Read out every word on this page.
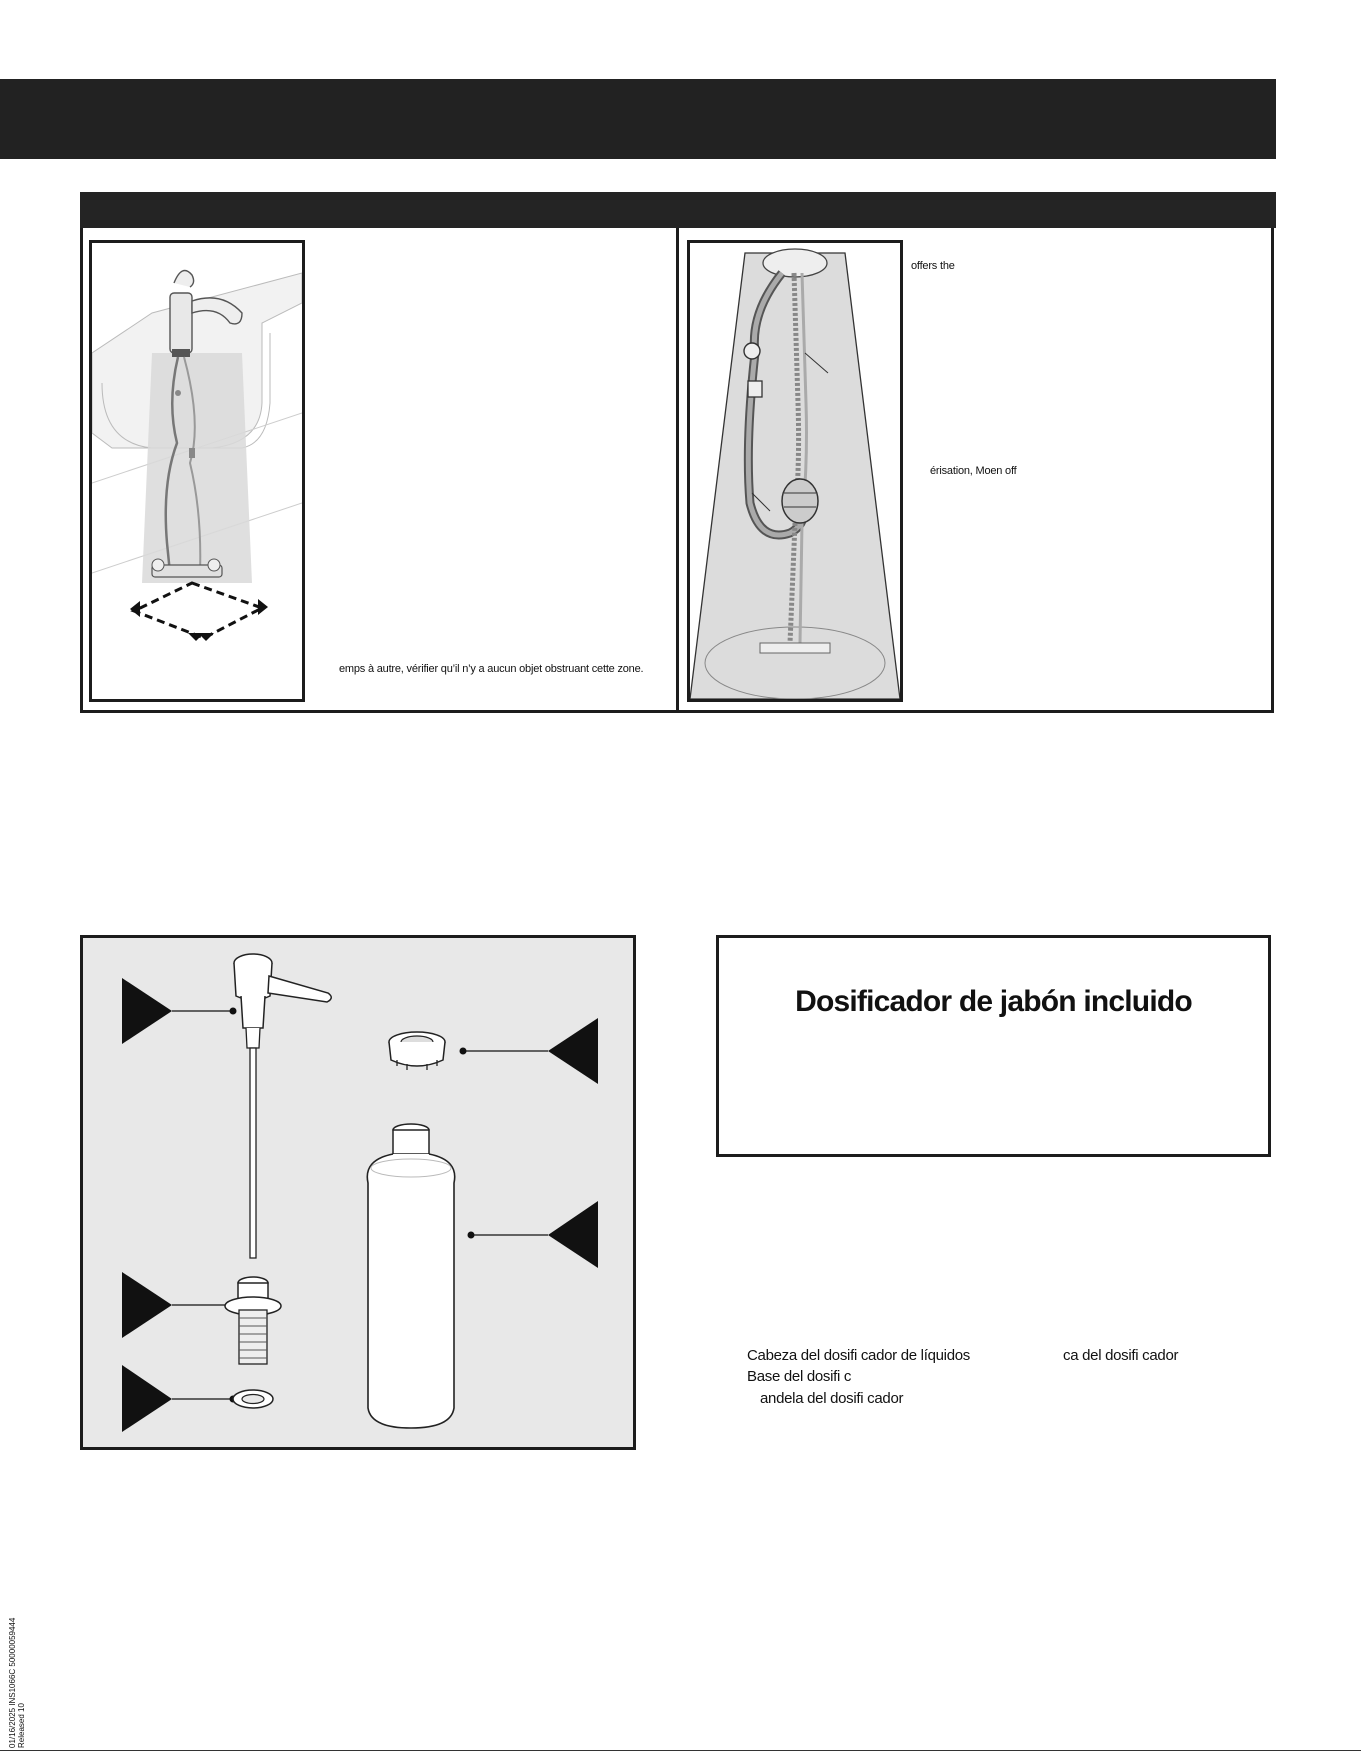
emps à autre, vérifier qu’il n’y a aucun objet obstruant cette zone.
offers the
érisation, Moen off
Dosificador de jabón incluido
Cabeza del dosifi cador de líquidos
Base del dosifi c
andela del dosifi cador
ca del dosifi cador
01/16/2025 INS1066C 50000059444 Released 10
